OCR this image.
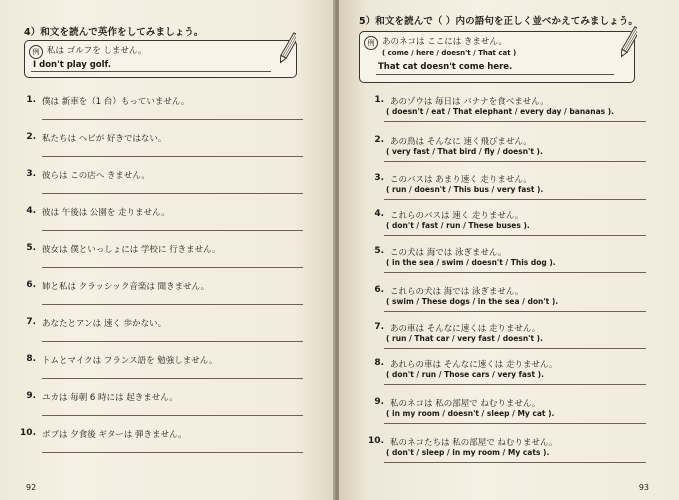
4）和文を読んで英作をしてみましょう。
例 私は ゴルフを しません。
I don't play golf.
1. 僕は 新車を（1 台）もっていません。
2. 私たちは ヘビが 好きではない。
3. 彼らは この店へ きません。
4. 彼は 午後は 公園を 走りません。
5. 彼女は 僕といっしょには 学校に 行きません。
6. 姉と私は クラッシック音楽は 聞きません。
7. あなたとアンは 速く 歩かない。
8. トムとマイクは フランス語を 勉強しません。
9. ユカは 毎朝 6 時には 起きません。
10. ボブは 夕食後 ギターは 弾きません。
92
5）和文を読んで（ ）内の語句を正しく並べかえてみましょう。
例 あのネコは ここには きません。
( come / here / doesn't / That cat )
That cat doesn't come here.
1. あのゾウは 毎日は バナナを食べません。
( doesn't / eat / That elephant / every day / bananas ).
2. あの鳥は そんなに 速く飛びません。
( very fast / That bird / fly / doesn't ).
3. このバスは あまり速く 走りません。
( run / doesn't / This bus / very fast ).
4. これらのバスは 速く 走りません。
( don't / fast / run / These buses ).
5. この犬は 海では 泳ぎません。
( in the sea / swim / doesn't / This dog ).
6. これらの犬は 海では 泳ぎません。
( swim / These dogs / in the sea / don't ).
7. あの車は そんなに速くは 走りません。
( run / That car / very fast / doesn't ).
8. あれらの車は そんなに速くは 走りません。
( don't / run / Those cars / very fast ).
9. 私のネコは 私の部屋で ねむりません。
( in my room / doesn't / sleep / My cat ).
10. 私のネコたちは 私の部屋で ねむりません。
( don't / sleep / in my room / My cats ).
93
